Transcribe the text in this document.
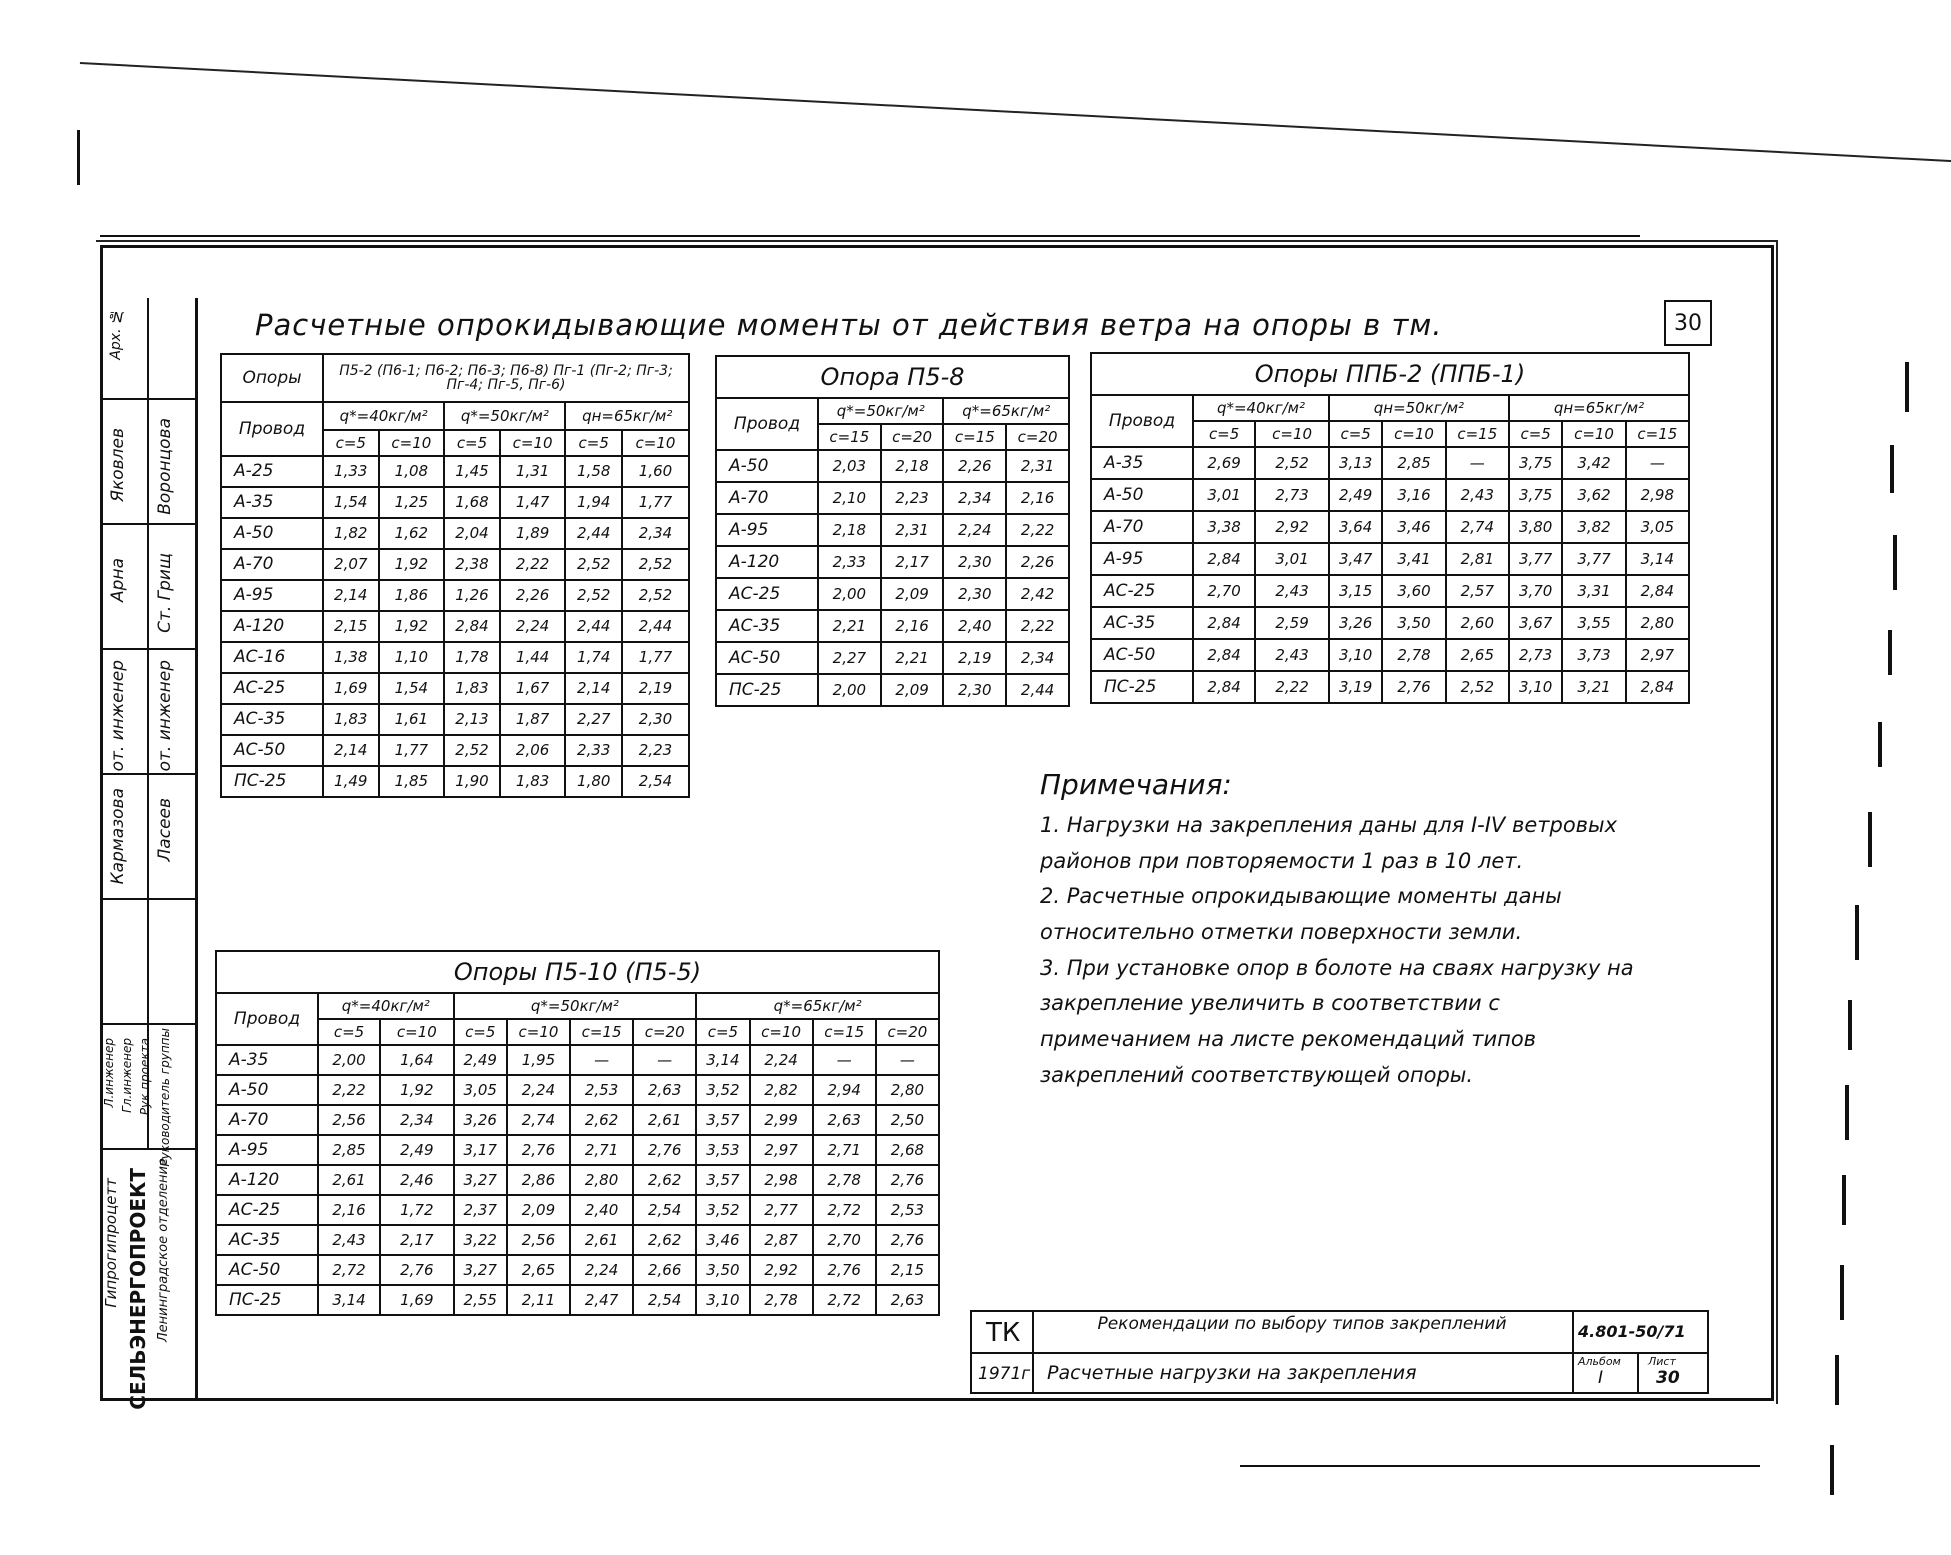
Арх. №
Яковлев Воронцова
Арна Ст. Грищ
от. инженер от. инженер
Кармазова Ласеев
Л.инженер Гл.инженер Рук.проекта Руководитель группы
Гипрогипроцетт СЕЛЬЭНЕРГОПРОЕКТ Ленинградское отделение
30
Расчетные опрокидывающие моменты от действия ветра на опоры в тм.
Опоры	П5-2 (П6-1; П6-2; П6-3; П6-8) Пг-1 (Пг-2; Пг-3; Пг-4; Пг-5, Пг-6)					
Провод	q*=40кг/м²		q*=50кг/м²		qн=65кг/м²	
	с=5	с=10	с=5	с=10	с=5	с=10
А-25	1,33	1,08	1,45	1,31	1,58	1,60
А-35	1,54	1,25	1,68	1,47	1,94	1,77
А-50	1,82	1,62	2,04	1,89	2,44	2,34
А-70	2,07	1,92	2,38	2,22	2,52	2,52
А-95	2,14	1,86	1,26	2,26	2,52	2,52
А-120	2,15	1,92	2,84	2,24	2,44	2,44
АС-16	1,38	1,10	1,78	1,44	1,74	1,77
АС-25	1,69	1,54	1,83	1,67	2,14	2,19
АС-35	1,83	1,61	2,13	1,87	2,27	2,30
АС-50	2,14	1,77	2,52	2,06	2,33	2,23
ПС-25	1,49	1,85	1,90	1,83	1,80	2,54
Опора П5-8				
Провод	q*=50кг/м²		q*=65кг/м²	
	с=15	с=20	с=15	с=20
А-50	2,03	2,18	2,26	2,31
А-70	2,10	2,23	2,34	2,16
А-95	2,18	2,31	2,24	2,22
А-120	2,33	2,17	2,30	2,26
АС-25	2,00	2,09	2,30	2,42
АС-35	2,21	2,16	2,40	2,22
АС-50	2,27	2,21	2,19	2,34
ПС-25	2,00	2,09	2,30	2,44
Опоры ППБ-2 (ППБ-1)								
Провод	q*=40кг/м²		qн=50кг/м²			qн=65кг/м²		
	с=5	с=10	с=5	с=10	с=15	с=5	с=10	с=15
А-35	2,69	2,52	3,13	2,85	—	3,75	3,42	—
А-50	3,01	2,73	2,49	3,16	2,43	3,75	3,62	2,98
А-70	3,38	2,92	3,64	3,46	2,74	3,80	3,82	3,05
А-95	2,84	3,01	3,47	3,41	2,81	3,77	3,77	3,14
АС-25	2,70	2,43	3,15	3,60	2,57	3,70	3,31	2,84
АС-35	2,84	2,59	3,26	3,50	2,60	3,67	3,55	2,80
АС-50	2,84	2,43	3,10	2,78	2,65	2,73	3,73	2,97
ПС-25	2,84	2,22	3,19	2,76	2,52	3,10	3,21	2,84
Опоры П5-10 (П5-5)										
Провод	q*=40кг/м²		q*=50кг/м²				q*=65кг/м²			
	с=5	с=10	с=5	с=10	с=15	с=20	с=5	с=10	с=15	с=20
А-35	2,00	1,64	2,49	1,95	—	—	3,14	2,24	—	—
А-50	2,22	1,92	3,05	2,24	2,53	2,63	3,52	2,82	2,94	2,80
А-70	2,56	2,34	3,26	2,74	2,62	2,61	3,57	2,99	2,63	2,50
А-95	2,85	2,49	3,17	2,76	2,71	2,76	3,53	2,97	2,71	2,68
А-120	2,61	2,46	3,27	2,86	2,80	2,62	3,57	2,98	2,78	2,76
АС-25	2,16	1,72	2,37	2,09	2,40	2,54	3,52	2,77	2,72	2,53
АС-35	2,43	2,17	3,22	2,56	2,61	2,62	3,46	2,87	2,70	2,76
АС-50	2,72	2,76	3,27	2,65	2,24	2,66	3,50	2,92	2,76	2,15
ПС-25	3,14	1,69	2,55	2,11	2,47	2,54	3,10	2,78	2,72	2,63
Примечания:
1. Нагрузки на закрепления даны для I-IV ветровых районов при повторяемости 1 раз в 10 лет.
2. Расчетные опрокидывающие моменты даны относительно отметки поверхности земли.
3. При установке опор в болоте на сваях нагрузку на закрепление увеличить в соответствии с примечанием на листе рекомендаций типов закреплений соответствующей опоры.
ТК
1971г
Рекомендации по выбору типов закреплений
Расчетные нагрузки на закрепления
4.801-50/71
Альбом
I
Лист
30
